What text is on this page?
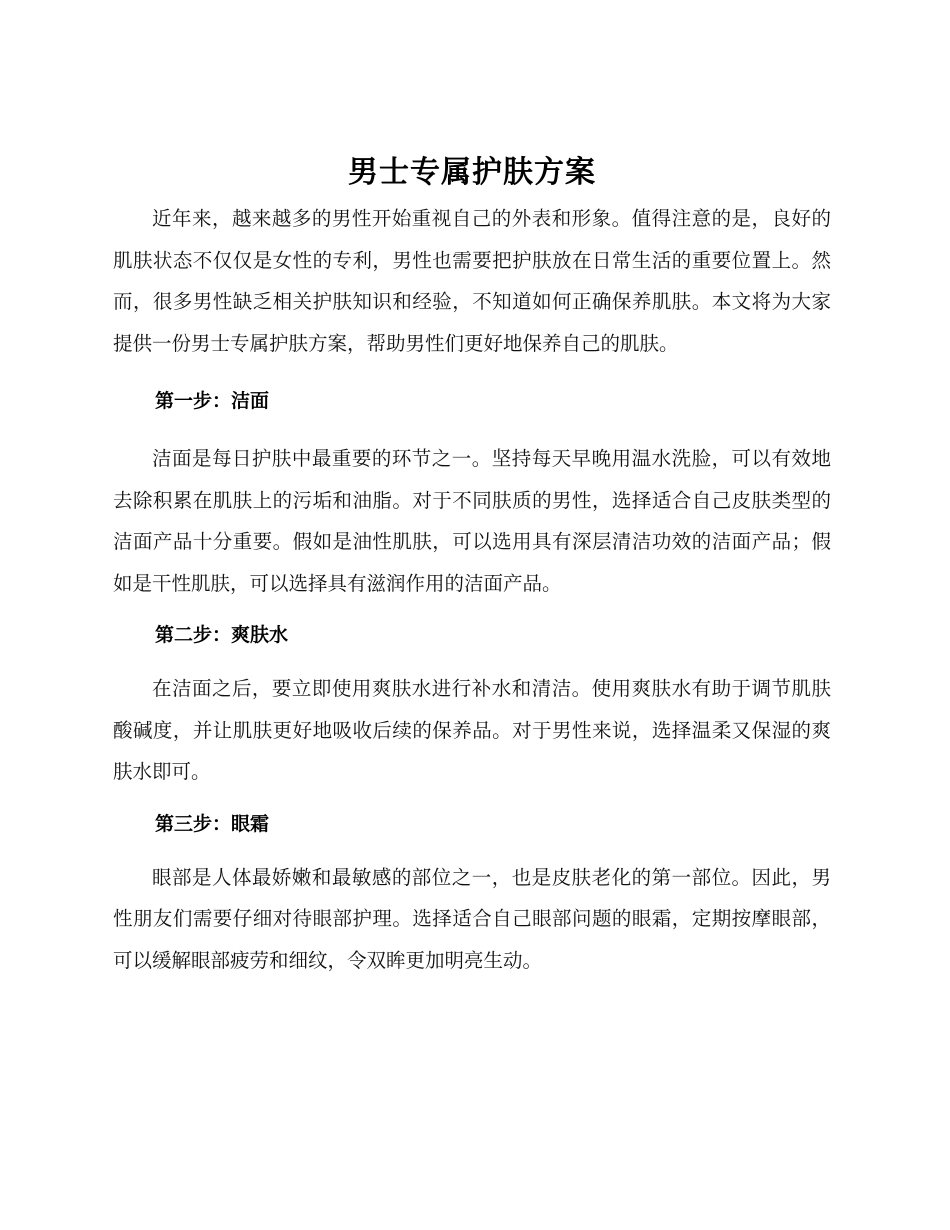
男士专属护肤方案

近年来，越来越多的男性开始重视自己的外表和形象。值得注意的是，良好的肌肤状态不仅仅是女性的专利，男性也需要把护肤放在日常生活的重要位置上。然而，很多男性缺乏相关护肤知识和经验，不知道如何正确保养肌肤。本文将为大家提供一份男士专属护肤方案，帮助男性们更好地保养自己的肌肤。

第一步：洁面

洁面是每日护肤中最重要的环节之一。坚持每天早晚用温水洗脸，可以有效地去除积累在肌肤上的污垢和油脂。对于不同肤质的男性，选择适合自己皮肤类型的洁面产品十分重要。假如是油性肌肤，可以选用具有深层清洁功效的洁面产品；假如是干性肌肤，可以选择具有滋润作用的洁面产品。

第二步：爽肤水

在洁面之后，要立即使用爽肤水进行补水和清洁。使用爽肤水有助于调节肌肤酸碱度，并让肌肤更好地吸收后续的保养品。对于男性来说，选择温柔又保湿的爽肤水即可。

第三步：眼霜

眼部是人体最娇嫩和最敏感的部位之一，也是皮肤老化的第一部位。因此，男性朋友们需要仔细对待眼部护理。选择适合自己眼部问题的眼霜，定期按摩眼部，可以缓解眼部疲劳和细纹，令双眸更加明亮生动。
